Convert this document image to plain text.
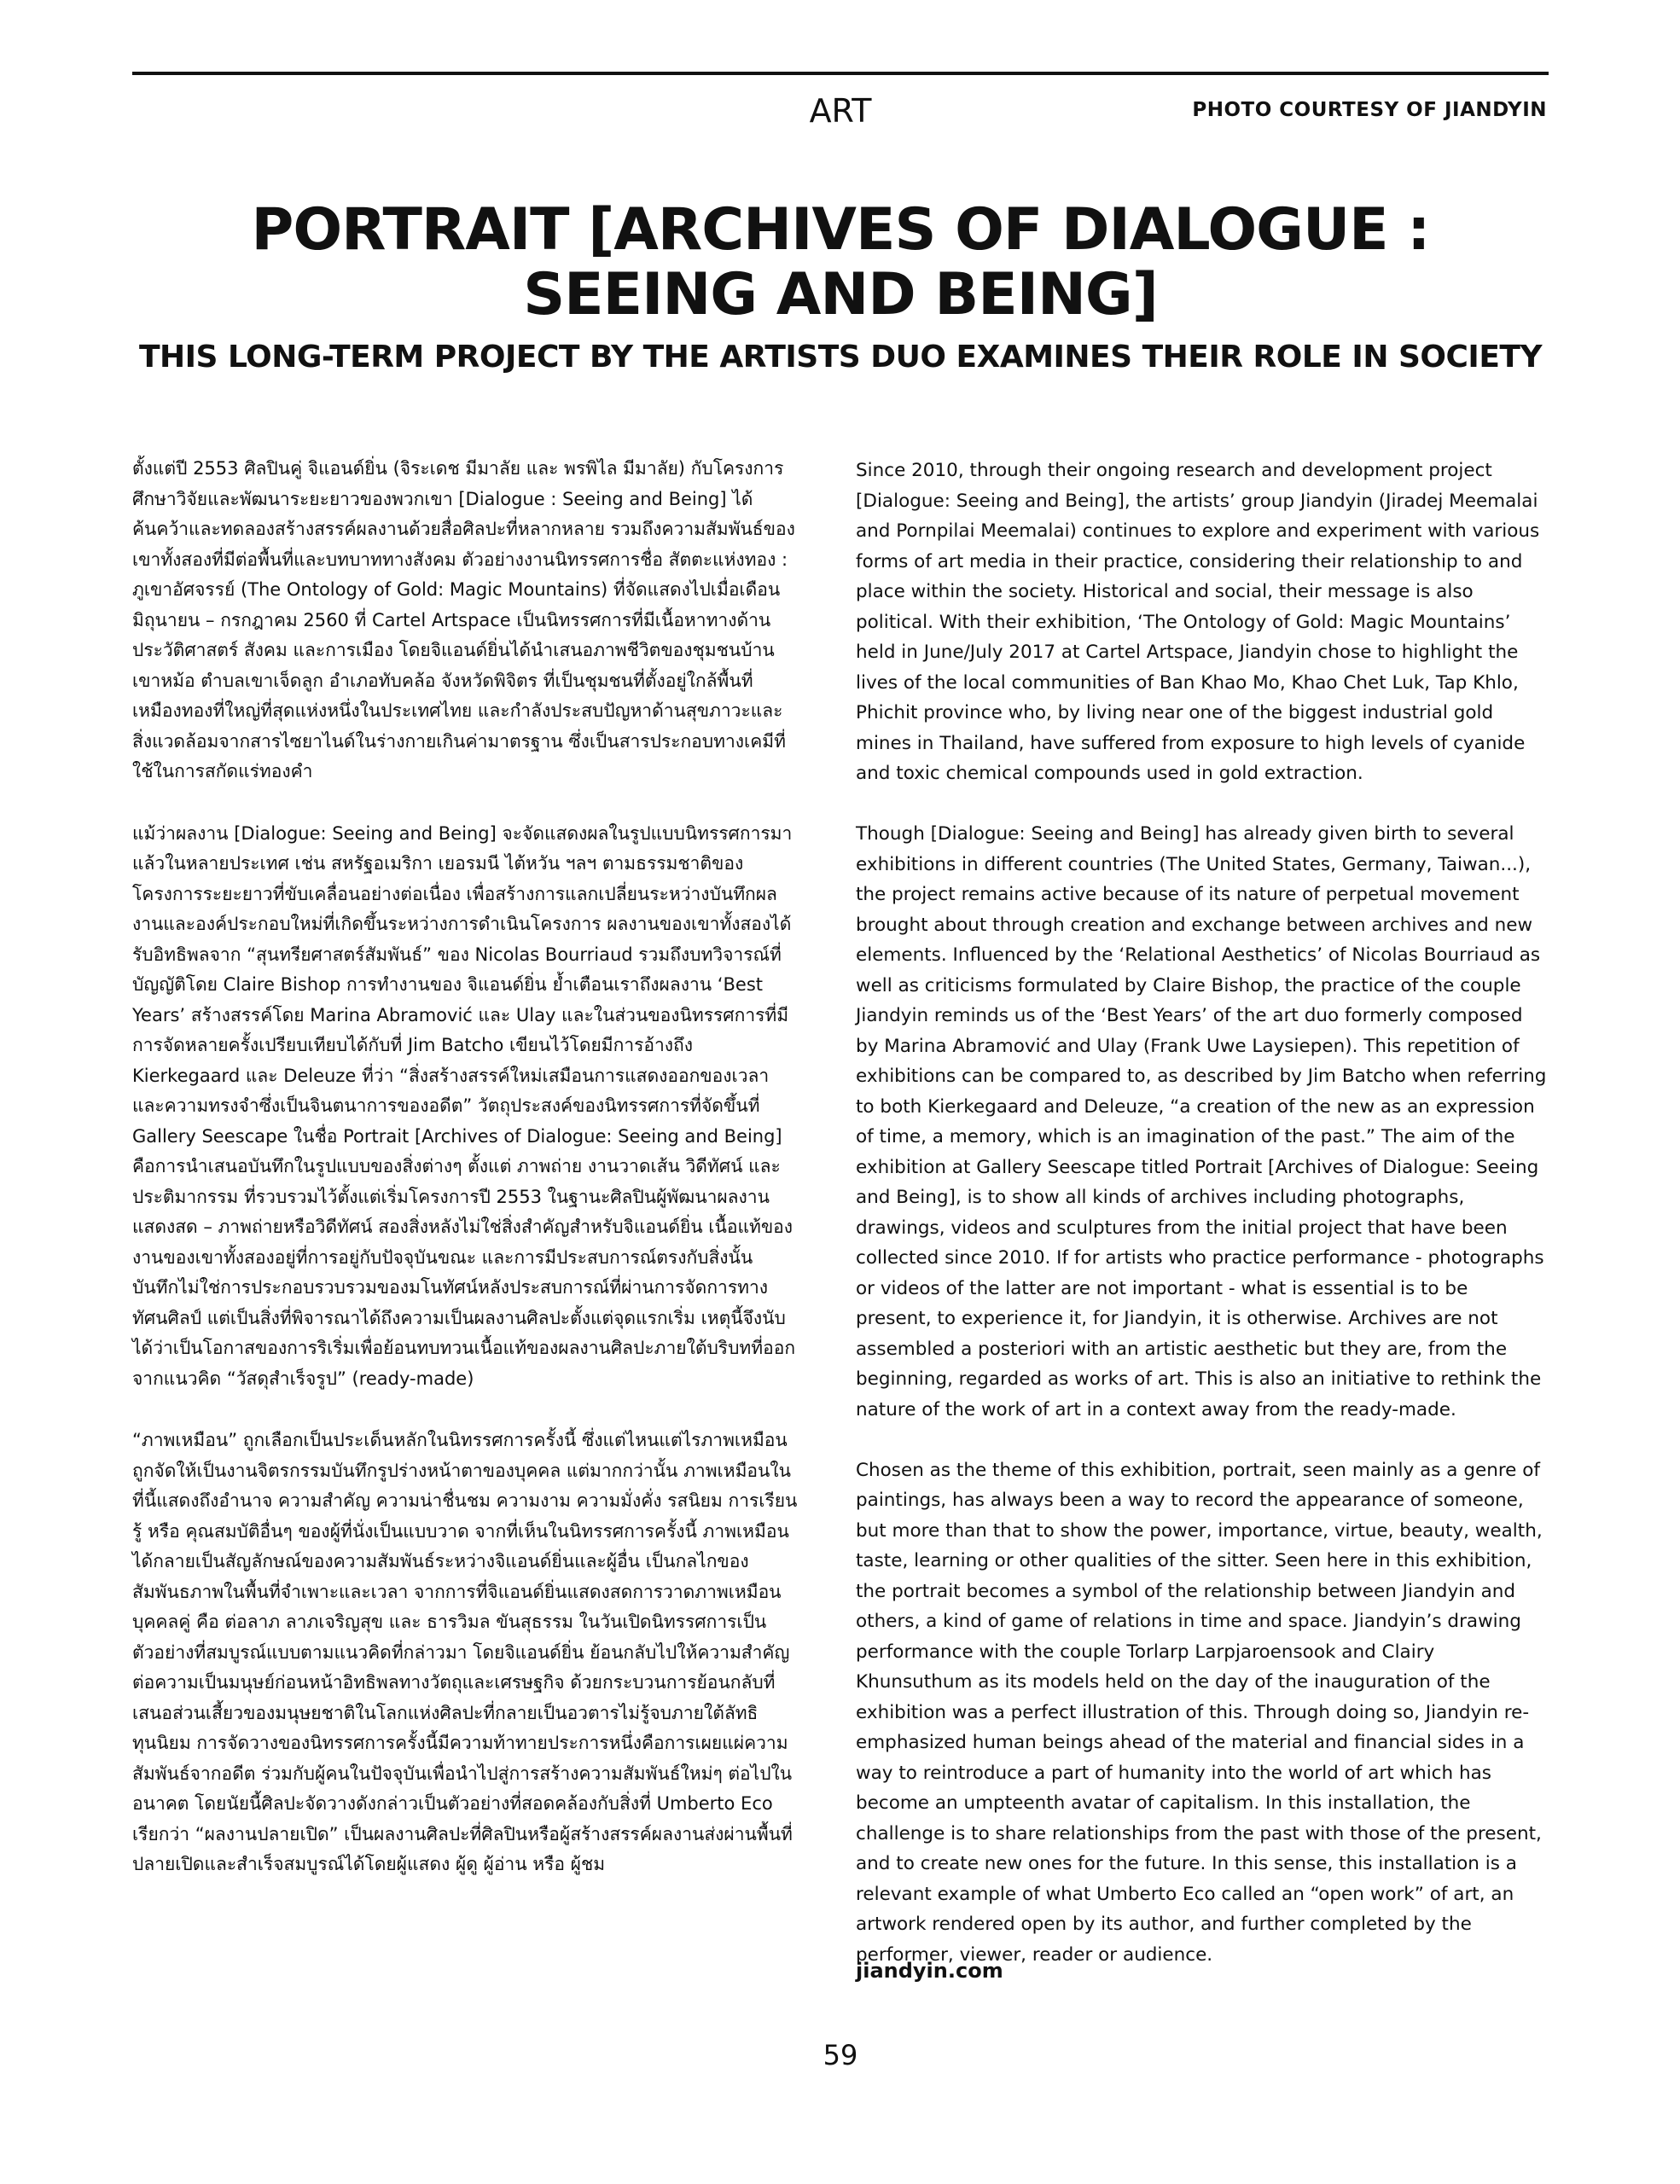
ART	PHOTO COURTESY OF JIANDYIN
PORTRAIT [ARCHIVES OF DIALOGUE : SEEING AND BEING]
THIS LONG-TERM PROJECT BY THE ARTISTS DUO EXAMINES THEIR ROLE IN SOCIETY

ตั้งแต่ปี 2553 ศิลปินคู่ จิแอนด์ยิ่น (จิระเดช มีมาลัย และ พรพิไล มีมาลัย) กับโครงการศึกษาวิจัยและพัฒนาระยะยาวของพวกเขา [Dialogue : Seeing and Being] ได้ค้นคว้าและทดลองสร้างสรรค์ผลงานด้วยสื่อศิลปะที่หลากหลาย รวมถึงความสัมพันธ์ของเขาทั้งสองที่มีต่อพื้นที่และบทบาททางสังคม ตัวอย่างงานนิทรรศการชื่อ สัตตะแห่งทอง : ภูเขาอัศจรรย์ (The Ontology of Gold: Magic Mountains) ที่จัดแสดงไปเมื่อเดือนมิถุนายน – กรกฎาคม 2560 ที่ Cartel Artspace เป็นนิทรรศการที่มีเนื้อหาทางด้านประวัติศาสตร์ สังคม และการเมือง โดยจิแอนด์ยิ่นได้นำเสนอภาพชีวิตของชุมชนบ้านเขาหม้อ ตำบลเขาเจ็ดลูก อำเภอทับคล้อ จังหวัดพิจิตร ที่เป็นชุมชนที่ตั้งอยู่ใกล้พื้นที่เหมืองทองที่ใหญ่ที่สุดแห่งหนึ่งในประเทศไทย และกำลังประสบปัญหาด้านสุขภาวะและสิ่งแวดล้อมจากสารไซยาไนด์ในร่างกายเกินค่ามาตรฐาน ซึ่งเป็นสารประกอบทางเคมีที่ใช้ในการสกัดแร่ทองคำ

แม้ว่าผลงาน [Dialogue: Seeing and Being] จะจัดแสดงผลในรูปแบบนิทรรศการมาแล้วในหลายประเทศ เช่น สหรัฐอเมริกา เยอรมนี ไต้หวัน ฯลฯ ตามธรรมชาติของโครงการระยะยาวที่ขับเคลื่อนอย่างต่อเนื่อง เพื่อสร้างการแลกเปลี่ยนระหว่างบันทึกผลงานและองค์ประกอบใหม่ที่เกิดขึ้นระหว่างการดำเนินโครงการ ผลงานของเขาทั้งสองได้รับอิทธิพลจาก “สุนทรียศาสตร์สัมพันธ์” ของ Nicolas Bourriaud รวมถึงบทวิจารณ์ที่บัญญัติโดย Claire Bishop การทำงานของ จิแอนด์ยิ่น ย้ำเตือนเราถึงผลงาน ‘Best Years’ สร้างสรรค์โดย Marina Abramović และ Ulay และในส่วนของนิทรรศการที่มีการจัดหลายครั้งเปรียบเทียบได้กับที่ Jim Batcho เขียนไว้โดยมีการอ้างถึง Kierkegaard และ Deleuze ที่ว่า “สิ่งสร้างสรรค์ใหม่เสมือนการแสดงออกของเวลา และความทรงจำซึ่งเป็นจินตนาการของอดีต” วัตถุประสงค์ของนิทรรศการที่จัดขึ้นที่ Gallery Seescape ในชื่อ Portrait [Archives of Dialogue: Seeing and Being] คือการนำเสนอบันทึกในรูปแบบของสิ่งต่างๆ ตั้งแต่ ภาพถ่าย งานวาดเส้น วิดีทัศน์ และประติมากรรม ที่รวบรวมไว้ตั้งแต่เริ่มโครงการปี 2553 ในฐานะศิลปินผู้พัฒนาผลงานแสดงสด – ภาพถ่ายหรือวิดีทัศน์ สองสิ่งหลังไม่ใช่สิ่งสำคัญสำหรับจิแอนด์ยิ่น เนื้อแท้ของงานของเขาทั้งสองอยู่ที่การอยู่กับปัจจุบันขณะ และการมีประสบการณ์ตรงกับสิ่งนั้น บันทึกไม่ใช่การประกอบรวบรวมของมโนทัศน์หลังประสบการณ์ที่ผ่านการจัดการทางทัศนศิลป์ แต่เป็นสิ่งที่พิจารณาได้ถึงความเป็นผลงานศิลปะตั้งแต่จุดแรกเริ่ม เหตุนี้จึงนับได้ว่าเป็นโอกาสของการริเริ่มเพื่อย้อนทบทวนเนื้อแท้ของผลงานศิลปะภายใต้บริบทที่ออกจากแนวคิด “วัสดุสำเร็จรูป” (ready-made)

“ภาพเหมือน” ถูกเลือกเป็นประเด็นหลักในนิทรรศการครั้งนี้ ซึ่งแต่ไหนแต่ไรภาพเหมือนถูกจัดให้เป็นงานจิตรกรรมบันทึกรูปร่างหน้าตาของบุคคล แต่มากกว่านั้น ภาพเหมือนในที่นี้แสดงถึงอำนาจ ความสำคัญ ความน่าชื่นชม ความงาม ความมั่งคั่ง รสนิยม การเรียนรู้ หรือ คุณสมบัติอื่นๆ ของผู้ที่นั่งเป็นแบบวาด จากที่เห็นในนิทรรศการครั้งนี้ ภาพเหมือนได้กลายเป็นสัญลักษณ์ของความสัมพันธ์ระหว่างจิแอนด์ยิ่นและผู้อื่น เป็นกลไกของสัมพันธภาพในพื้นที่จำเพาะและเวลา จากการที่จิแอนด์ยิ่นแสดงสดการวาดภาพเหมือนบุคคลคู่ คือ ต่อลาภ ลาภเจริญสุข และ ธารวิมล ขันสุธรรม ในวันเปิดนิทรรศการเป็นตัวอย่างที่สมบูรณ์แบบตามแนวคิดที่กล่าวมา โดยจิแอนด์ยิ่น ย้อนกลับไปให้ความสำคัญต่อความเป็นมนุษย์ก่อนหน้าอิทธิพลทางวัตถุและเศรษฐกิจ ด้วยกระบวนการย้อนกลับที่เสนอส่วนเสี้ยวของมนุษยชาติในโลกแห่งศิลปะที่กลายเป็นอวตารไม่รู้จบภายใต้ลัทธิทุนนิยม การจัดวางของนิทรรศการครั้งนี้มีความท้าทายประการหนึ่งคือการเผยแผ่ความสัมพันธ์จากอดีต ร่วมกับผู้คนในปัจจุบันเพื่อนำไปสู่การสร้างความสัมพันธ์ใหม่ๆ ต่อไปในอนาคต โดยนัยนี้ศิลปะจัดวางดังกล่าวเป็นตัวอย่างที่สอดคล้องกับสิ่งที่ Umberto Eco เรียกว่า “ผลงานปลายเปิด” เป็นผลงานศิลปะที่ศิลปินหรือผู้สร้างสรรค์ผลงานส่งผ่านพื้นที่ปลายเปิดและสำเร็จสมบูรณ์ได้โดยผู้แสดง ผู้ดู ผู้อ่าน หรือ ผู้ชม

Since 2010, through their ongoing research and development project [Dialogue: Seeing and Being], the artists’ group Jiandyin (Jiradej Meemalai and Pornpilai Meemalai) continues to explore and experiment with various forms of art media in their practice, considering their relationship to and place within the society. Historical and social, their message is also political. With their exhibition, ‘The Ontology of Gold: Magic Mountains’ held in June/July 2017 at Cartel Artspace, Jiandyin chose to highlight the lives of the local communities of Ban Khao Mo, Khao Chet Luk, Tap Khlo, Phichit province who, by living near one of the biggest industrial gold mines in Thailand, have suffered from exposure to high levels of cyanide and toxic chemical compounds used in gold extraction.

Though [Dialogue: Seeing and Being] has already given birth to several exhibitions in different countries (The United States, Germany, Taiwan...), the project remains active because of its nature of perpetual movement brought about through creation and exchange between archives and new elements. Influenced by the ‘Relational Aesthetics’ of Nicolas Bourriaud as well as criticisms formulated by Claire Bishop, the practice of the couple Jiandyin reminds us of the ‘Best Years’ of the art duo formerly composed by Marina Abramović and Ulay (Frank Uwe Laysiepen). This repetition of exhibitions can be compared to, as described by Jim Batcho when referring to both Kierkegaard and Deleuze, “a creation of the new as an expression of time, a memory, which is an imagination of the past.” The aim of the exhibition at Gallery Seescape titled Portrait [Archives of Dialogue: Seeing and Being], is to show all kinds of archives including photographs, drawings, videos and sculptures from the initial project that have been collected since 2010. If for artists who practice performance - photographs or videos of the latter are not important - what is essential is to be present, to experience it, for Jiandyin, it is otherwise. Archives are not assembled a posteriori with an artistic aesthetic but they are, from the beginning, regarded as works of art. This is also an initiative to rethink the nature of the work of art in a context away from the ready-made.

Chosen as the theme of this exhibition, portrait, seen mainly as a genre of paintings, has always been a way to record the appearance of someone, but more than that to show the power, importance, virtue, beauty, wealth, taste, learning or other qualities of the sitter. Seen here in this exhibition, the portrait becomes a symbol of the relationship between Jiandyin and others, a kind of game of relations in time and space. Jiandyin’s drawing performance with the couple Torlarp Larpjaroensook and Clairy Khunsuthum as its models held on the day of the inauguration of the exhibition was a perfect illustration of this. Through doing so, Jiandyin re-emphasized human beings ahead of the material and financial sides in a way to reintroduce a part of humanity into the world of art which has become an umpteenth avatar of capitalism. In this installation, the challenge is to share relationships from the past with those of the present, and to create new ones for the future. In this sense, this installation is a relevant example of what Umberto Eco called an “open work” of art, an artwork rendered open by its author, and further completed by the performer, viewer, reader or audience.

jiandyin.com
59
